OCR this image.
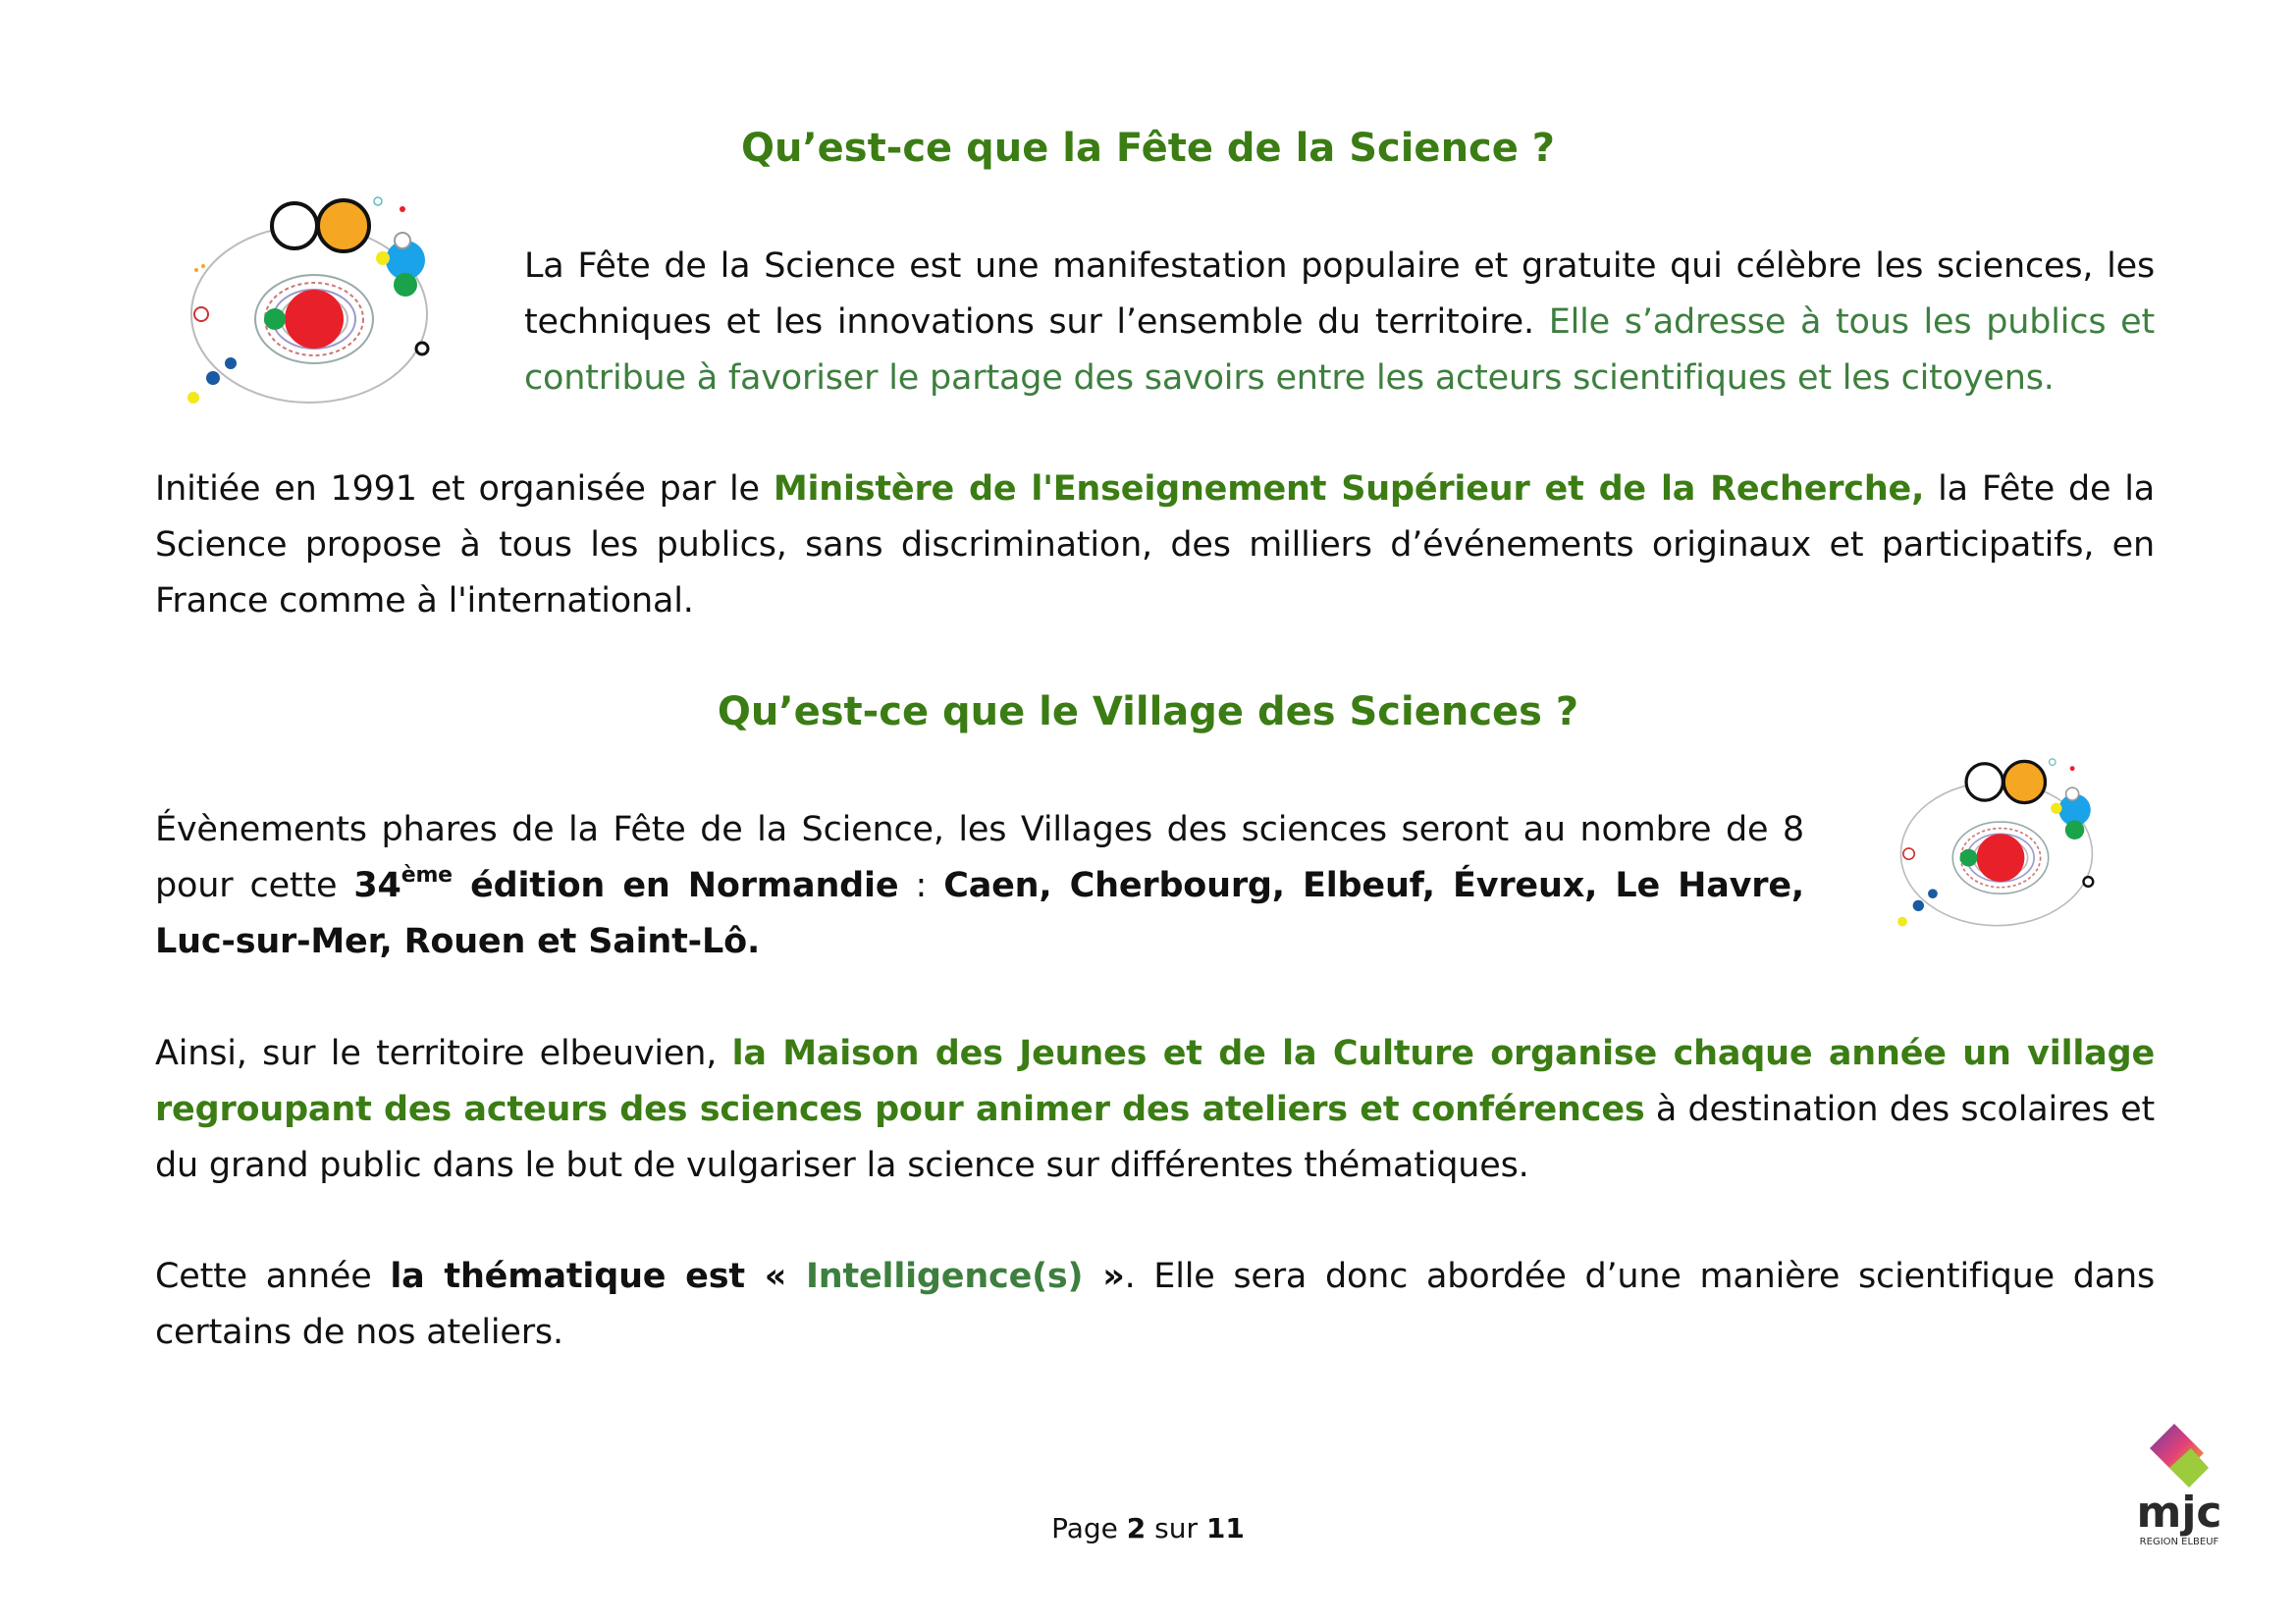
Qu’est-ce que la Fête de la Science ?

La Fête de la Science est une manifestation populaire et gratuite qui célèbre les sciences, les techniques et les innovations sur l’ensemble du territoire. Elle s’adresse à tous les publics et contribue à favoriser le partage des savoirs entre les acteurs scientifiques et les citoyens.

Initiée en 1991 et organisée par le Ministère de l'Enseignement Supérieur et de la Recherche, la Fête de la Science propose à tous les publics, sans discrimination, des milliers d’événements originaux et participatifs, en France comme à l'international.

Qu’est-ce que le Village des Sciences ?

Évènements phares de la Fête de la Science, les Villages des sciences seront au nombre de 8 pour cette 34ème édition en Normandie : Caen, Cherbourg, Elbeuf, Évreux, Le Havre, Luc-sur-Mer, Rouen et Saint-Lô.

Ainsi, sur le territoire elbeuvien, la Maison des Jeunes et de la Culture organise chaque année un village regroupant des acteurs des sciences pour animer des ateliers et conférences à destination des scolaires et du grand public dans le but de vulgariser la science sur différentes thématiques.

Cette année la thématique est « Intelligence(s) ». Elle sera donc abordée d’une manière scientifique dans certains de nos ateliers.

Page 2 sur 11	mjc
REGION ELBEUF
